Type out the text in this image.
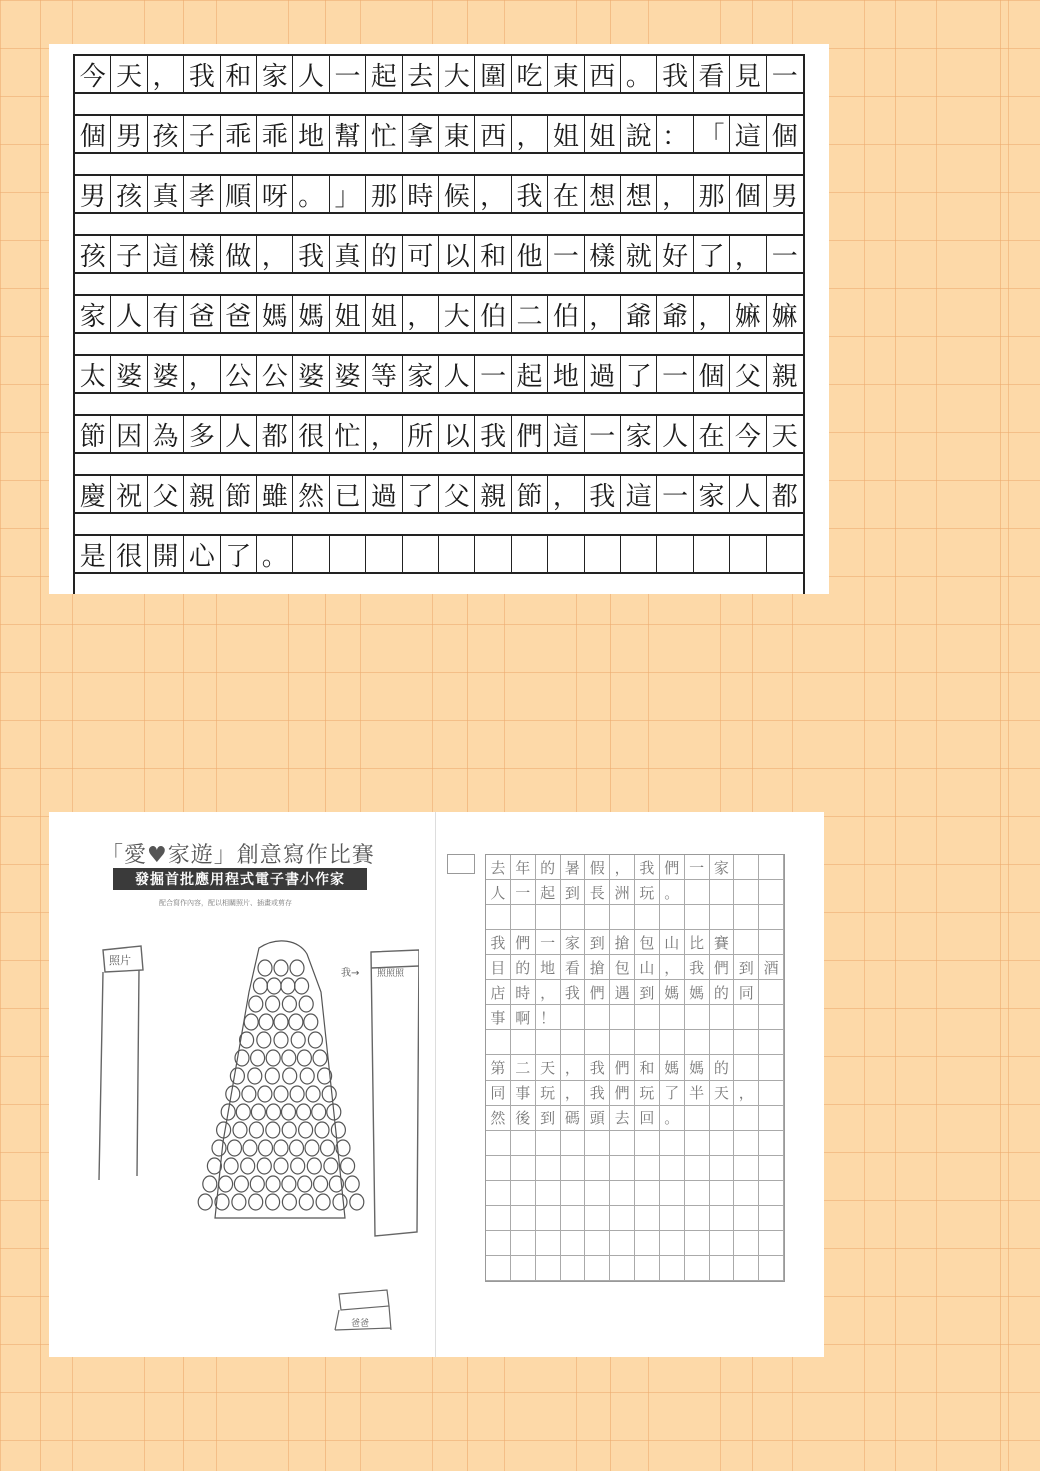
今 天 ， 我 和 家 人 一 起 去 大 圍 吃 東 西 。 我 看 見 一
個 男 孩 子 乖 乖 地 幫 忙 拿 東 西 ， 姐 姐 說 ： 「 這 個
男 孩 真 孝 順 呀 。 」 那 時 候 ， 我 在 想 想 ， 那 個 男
孩 子 這 樣 做 ， 我 真 的 可 以 和 他 一 樣 就 好 了 ， 一
家 人 有 爸 爸 媽 媽 姐 姐 ， 大 伯 二 伯 ， 爺 爺 ， 嫲 嫲
太 婆 婆 ， 公 公 婆 婆 等 家 人 一 起 地 過 了 一 個 父 親
節 因 為 多 人 都 很 忙 ， 所 以 我 們 這 一 家 人 在 今 天
慶 祝 父 親 節 雖 然 已 過 了 父 親 節 ， 我 這 一 家 人 都
是 很 開 心 了 。
「愛♥家遊」創意寫作比賽
發掘首批應用程式電子書小作家
配合寫作內容，配以相關照片、插畫或剪存
照片
我→ 照照照
爸爸
去 年 的 暑 假 ， 我 們 一 家
人 一 起 到 長 洲 玩 。
我 們 一 家 到 搶 包 山 比 賽
目 的 地 看 搶 包 山 ， 我 們 到 酒
店 時 ， 我 們 遇 到 媽 媽 的 同
事 啊 ！
第 二 天 ， 我 們 和 媽 媽 的
同 事 玩 ， 我 們 玩 了 半 天 ，
然 後 到 碼 頭 去 回 。
